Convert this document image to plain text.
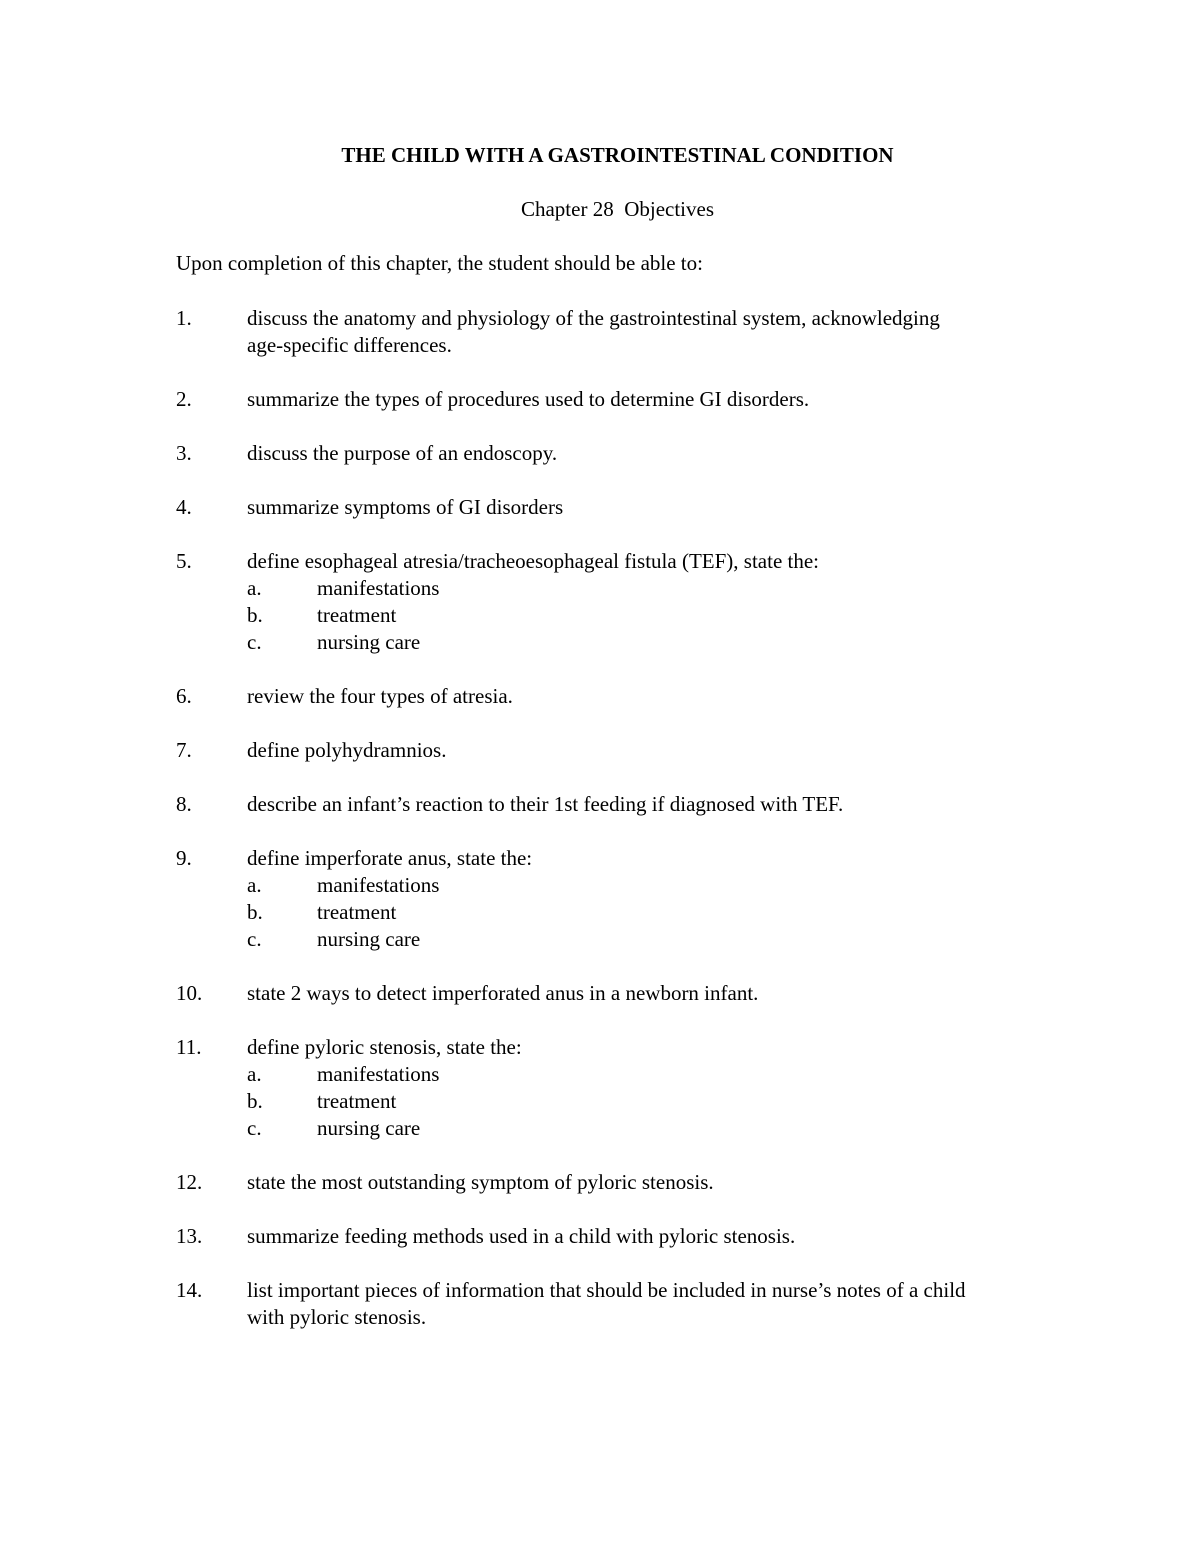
THE CHILD WITH A GASTROINTESTINAL CONDITION
Chapter 28  Objectives
Upon completion of this chapter, the student should be able to:
1.	discuss the anatomy and physiology of the gastrointestinal system, acknowledging
age-specific differences.
2.	summarize the types of procedures used to determine GI disorders.
3.	discuss the purpose of an endoscopy.
4.	summarize symptoms of GI disorders
5.	define esophageal atresia/tracheoesophageal fistula (TEF), state the:
a.	manifestations
b.	treatment
c.	nursing care
6.	review the four types of atresia.
7.	define polyhydramnios.
8.	describe an infant’s reaction to their 1st feeding if diagnosed with TEF.
9.	define imperforate anus, state the:
a.	manifestations
b.	treatment
c.	nursing care
10.	state 2 ways to detect imperforated anus in a newborn infant.
11.	define pyloric stenosis, state the:
a.	manifestations
b.	treatment
c.	nursing care
12.	state the most outstanding symptom of pyloric stenosis.
13.	summarize feeding methods used in a child with pyloric stenosis.
14.	list important pieces of information that should be included in nurse’s notes of a child
with pyloric stenosis.
